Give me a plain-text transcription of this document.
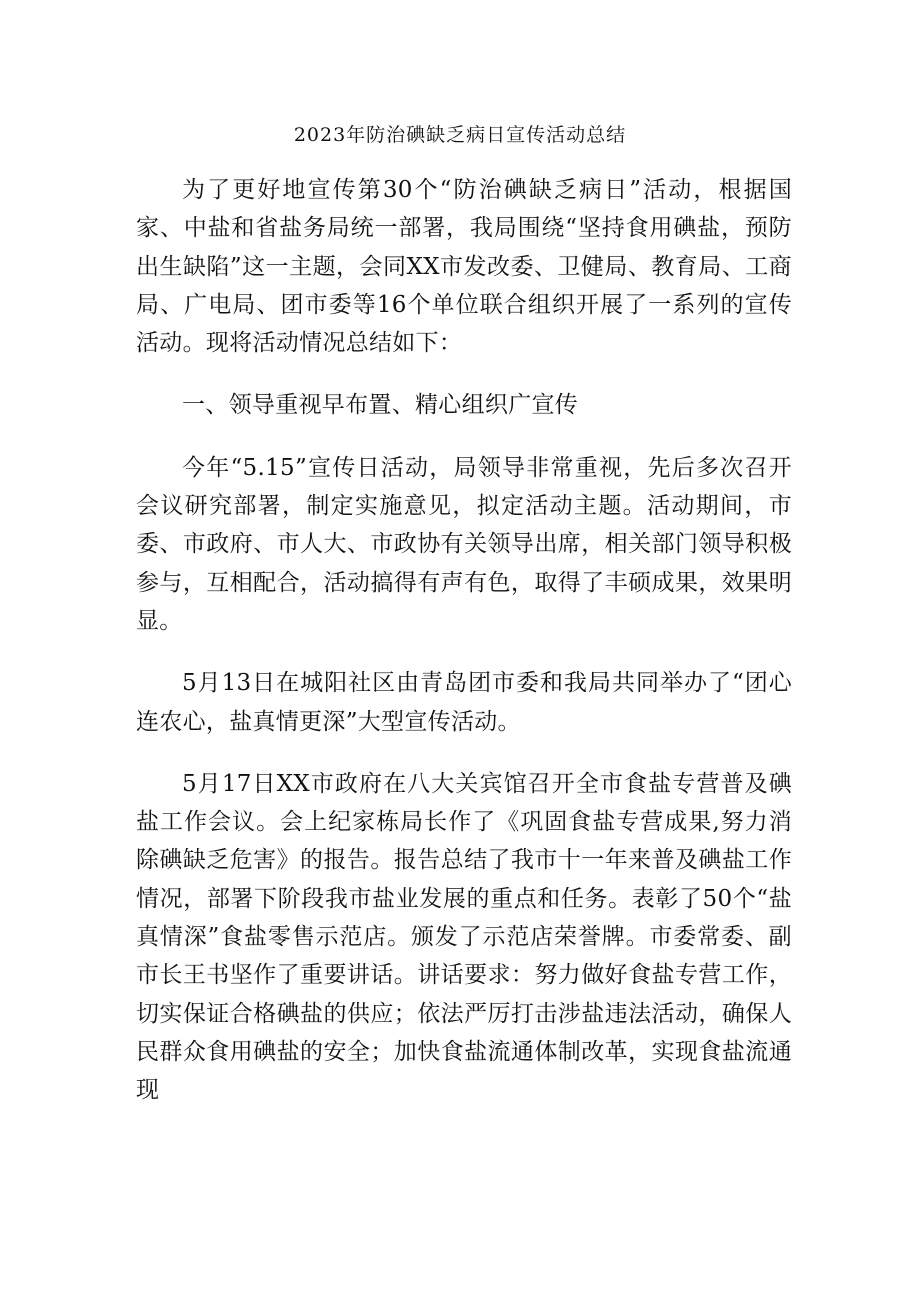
2023年防治碘缺乏病日宣传活动总结

为了更好地宣传第30个“防治碘缺乏病日”活动，根据国家、中盐和省盐务局统一部署，我局围绕“坚持食用碘盐，预防出生缺陷”这一主题，会同XX市发改委、卫健局、教育局、工商局、广电局、团市委等16个单位联合组织开展了一系列的宣传活动。现将活动情况总结如下：

一、领导重视早布置、精心组织广宣传

今年“5.15”宣传日活动，局领导非常重视，先后多次召开会议研究部署，制定实施意见，拟定活动主题。活动期间，市委、市政府、市人大、市政协有关领导出席，相关部门领导积极参与，互相配合，活动搞得有声有色，取得了丰硕成果，效果明显。

5月13日在城阳社区由青岛团市委和我局共同举办了“团心连农心，盐真情更深”大型宣传活动。

5月17日XX市政府在八大关宾馆召开全市食盐专营普及碘盐工作会议。会上纪家栋局长作了《巩固食盐专营成果,努力消除碘缺乏危害》的报告。报告总结了我市十一年来普及碘盐工作情况，部署下阶段我市盐业发展的重点和任务。表彰了50个“盐真情深”食盐零售示范店。颁发了示范店荣誉牌。市委常委、副市长王书坚作了重要讲话。讲话要求：努力做好食盐专营工作，切实保证合格碘盐的供应；依法严厉打击涉盐违法活动，确保人民群众食用碘盐的安全；加快食盐流通体制改革，实现食盐流通现
